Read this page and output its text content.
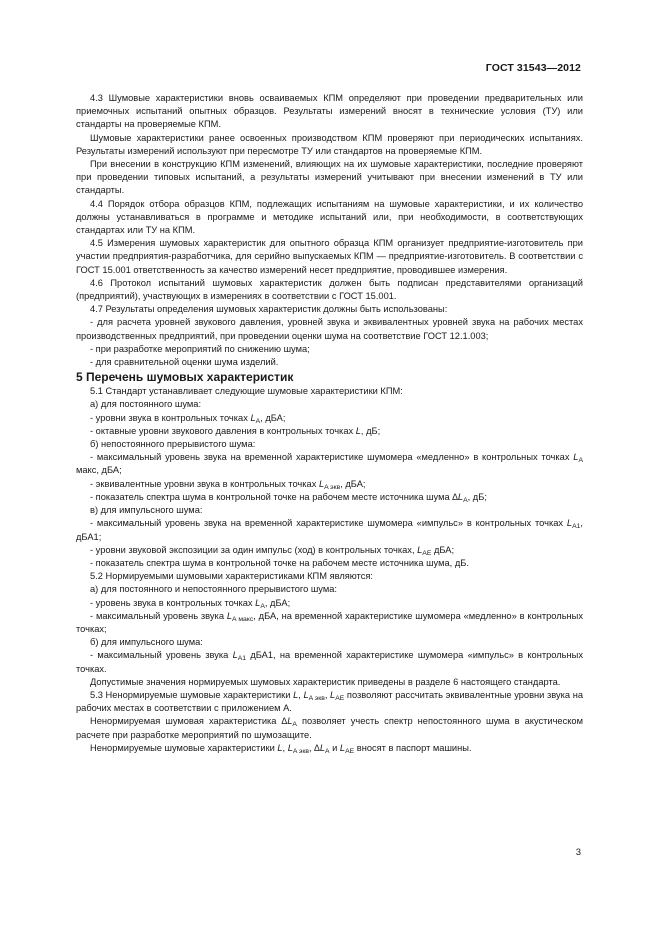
ГОСТ 31543—2012

4.3 Шумовые характеристики вновь осваиваемых КПМ определяют при проведении предварительных или приемочных испытаний опытных образцов. Результаты измерений вносят в технические условия (ТУ) или стандарты на проверяемые КПМ.

Шумовые характеристики ранее освоенных производством КПМ проверяют при периодических испытаниях. Результаты измерений используют при пересмотре ТУ или стандартов на проверяемые КПМ.

При внесении в конструкцию КПМ изменений, влияющих на их шумовые характеристики, последние проверяют при проведении типовых испытаний, а результаты измерений учитывают при внесении изменений в ТУ или стандарты.

4.4 Порядок отбора образцов КПМ, подлежащих испытаниям на шумовые характеристики, и их количество должны устанавливаться в программе и методике испытаний или, при необходимости, в соответствующих стандартах или ТУ на КПМ.

4.5 Измерения шумовых характеристик для опытного образца КПМ организует предприятие-изготовитель при участии предприятия-разработчика, для серийно выпускаемых КПМ — предприятие-изготовитель. В соответствии с ГОСТ 15.001 ответственность за качество измерений несет предприятие, проводившее измерения.

4.6 Протокол испытаний шумовых характеристик должен быть подписан представителями организаций (предприятий), участвующих в измерениях в соответствии с ГОСТ 15.001.

4.7 Результаты определения шумовых характеристик должны быть использованы:

- для расчета уровней звукового давления, уровней звука и эквивалентных уровней звука на рабочих местах производственных предприятий, при проведении оценки шума на соответствие ГОСТ 12.1.003;

- при разработке мероприятий по снижению шума;

- для сравнительной оценки шума изделий.

5 Перечень шумовых характеристик

5.1 Стандарт устанавливает следующие шумовые характеристики КПМ:

а) для постоянного шума:

- уровни звука в контрольных точках $L_A$, дБА;

- октавные уровни звукового давления в контрольных точках L, дБ;

б) непостоянного прерывистого шума:

- максимальный уровень звука на временной характеристике шумомера «медленно» в контрольных точках $L_A$ макс, дБА;

- эквивалентные уровни звука в контрольных точках $L_{A экв}$, дБА;

- показатель спектра шума в контрольной точке на рабочем месте источника шума $\Delta L_A$, дБ;

в) для импульсного шума:

- максимальный уровень звука на временной характеристике шумомера «импульс» в контрольных точках $L_{A1}$, дБА1;

- уровни звуковой экспозиции за один импульс (ход) в контрольных точках, $L_{AE}$ дБА;

- показатель спектра шума в контрольной точке на рабочем месте источника шума, дБ.

5.2 Нормируемыми шумовыми характеристиками КПМ являются:

а) для постоянного и непостоянного прерывистого шума:

- уровень звука в контрольных точках $L_A$, дБА;

- максимальный уровень звука $L_{A макс}$, дБА, на временной характеристике шумомера «медленно» в контрольных точках;

б) для импульсного шума:

- максимальный уровень звука $L_{A1}$ дБА1, на временной характеристике шумомера «импульс» в контрольных точках.

Допустимые значения нормируемых шумовых характеристик приведены в разделе 6 настоящего стандарта.

5.3 Ненормируемые шумовые характеристики L, $L_{A экв}$, $L_{AE}$ позволяют рассчитать эквивалентные уровни звука на рабочих местах в соответствии с приложением А.

Ненормируемая шумовая характеристика $\Delta L_A$ позволяет учесть спектр непостоянного шума в акустическом расчете при разработке мероприятий по шумозащите.

Ненормируемые шумовые характеристики L, $L_{A экв}$, $\Delta L_A$ и $L_{AE}$ вносят в паспорт машины.

3
